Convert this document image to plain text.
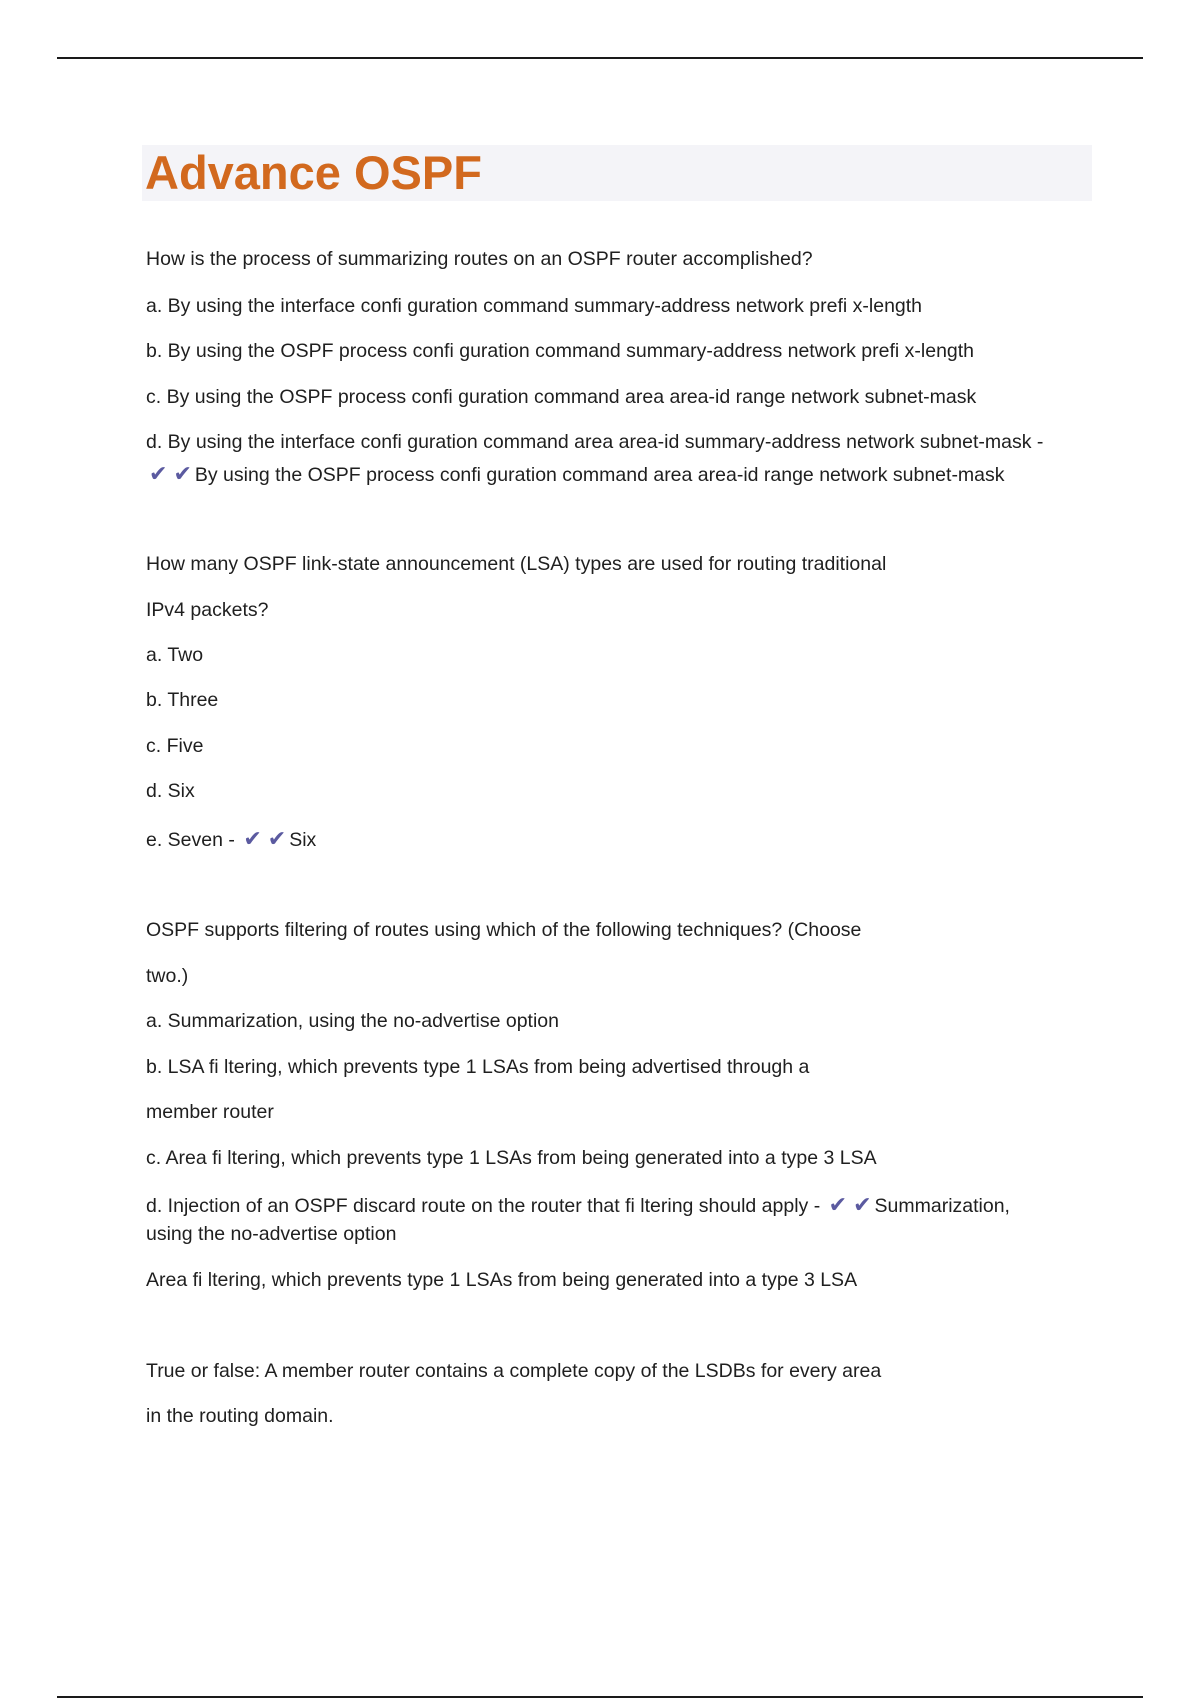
Advance OSPF

How is the process of summarizing routes on an OSPF router accomplished?

a. By using the interface confi guration command summary-address network prefi x-length

b. By using the OSPF process confi guration command summary-address network prefi x-length

c. By using the OSPF process confi guration command area area-id range network subnet-mask

d. By using the interface confi guration command area area-id summary-address network subnet-mask -

✔ ✔ By using the OSPF process confi guration command area area-id range network subnet-mask

How many OSPF link-state announcement (LSA) types are used for routing traditional

IPv4 packets?

a. Two

b. Three

c. Five

d. Six

e. Seven - ✔ ✔ Six

OSPF supports filtering of routes using which of the following techniques? (Choose

two.)

a. Summarization, using the no-advertise option

b. LSA fi ltering, which prevents type 1 LSAs from being advertised through a

member router

c. Area fi ltering, which prevents type 1 LSAs from being generated into a type 3 LSA

d. Injection of an OSPF discard route on the router that fi ltering should apply - ✔ ✔ Summarization,

using the no-advertise option

Area fi ltering, which prevents type 1 LSAs from being generated into a type 3 LSA

True or false: A member router contains a complete copy of the LSDBs for every area

in the routing domain.
